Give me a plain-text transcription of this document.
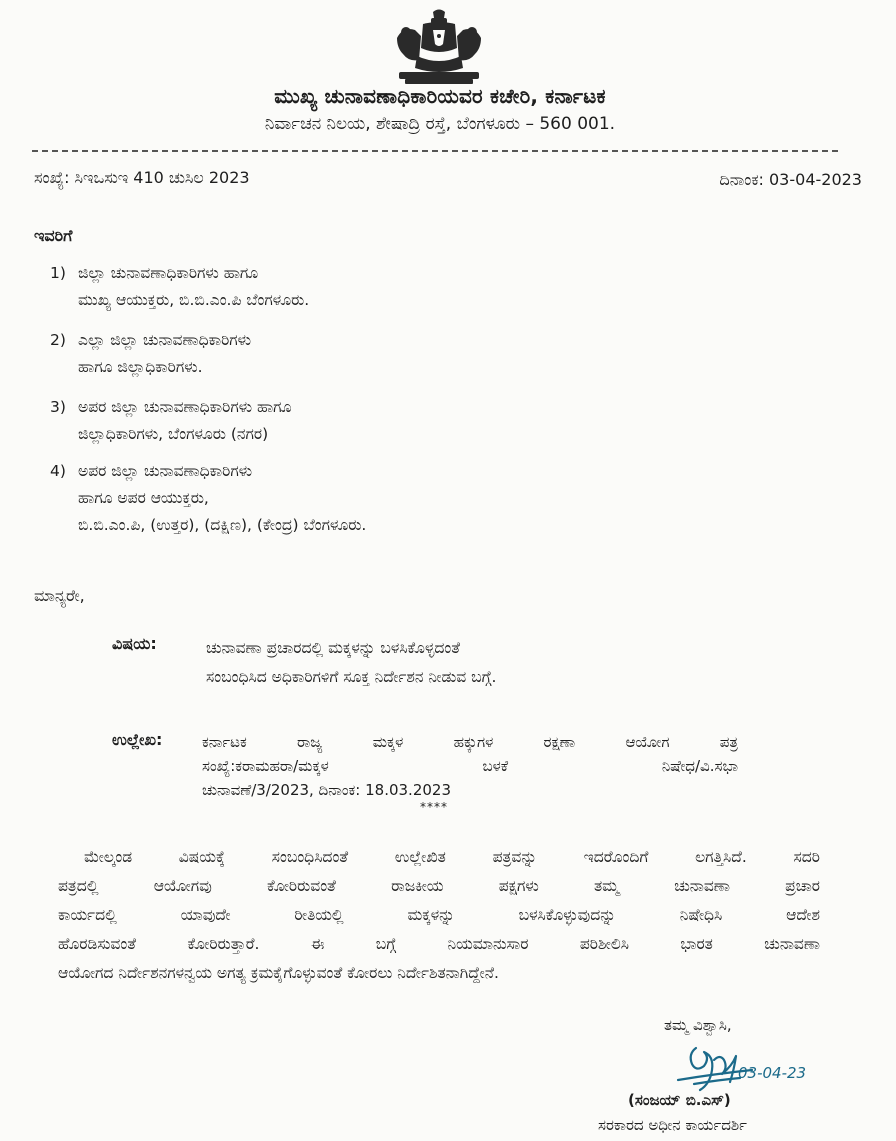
ಮುಖ್ಯ ಚುನಾವಣಾಧಿಕಾರಿಯವರ ಕಚೇರಿ, ಕರ್ನಾಟಕ
ನಿರ್ವಾಚನ ನಿಲಯ, ಶೇಷಾದ್ರಿ ರಸ್ತೆ, ಬೆಂಗಳೂರು – 560 001.
ಸಂಖ್ಯೆ: ಸಿಇಒಸುಇ 410 ಚುಸಿಲ 2023	ದಿನಾಂಕ: 03-04-2023
ಇವರಿಗೆ
1) ಜಿಲ್ಲಾ ಚುನಾವಣಾಧಿಕಾರಿಗಳು ಹಾಗೂ
ಮುಖ್ಯ ಆಯುಕ್ತರು, ಬಿ.ಬಿ.ಎಂ.ಪಿ ಬೆಂಗಳೂರು.
2) ಎಲ್ಲಾ ಜಿಲ್ಲಾ ಚುನಾವಣಾಧಿಕಾರಿಗಳು
ಹಾಗೂ ಜಿಲ್ಲಾಧಿಕಾರಿಗಳು.
3) ಅಪರ ಜಿಲ್ಲಾ ಚುನಾವಣಾಧಿಕಾರಿಗಳು ಹಾಗೂ
ಜಿಲ್ಲಾಧಿಕಾರಿಗಳು, ಬೆಂಗಳೂರು (ನಗರ)
4) ಅಪರ ಜಿಲ್ಲಾ ಚುನಾವಣಾಧಿಕಾರಿಗಳು
ಹಾಗೂ ಅಪರ ಆಯುಕ್ತರು,
ಬಿ.ಬಿ.ಎಂ.ಪಿ, (ಉತ್ತರ), (ದಕ್ಷಿಣ), (ಕೇಂದ್ರ) ಬೆಂಗಳೂರು.
ಮಾನ್ಯರೇ,
ವಿಷಯ:	ಚುನಾವಣಾ ಪ್ರಚಾರದಲ್ಲಿ ಮಕ್ಕಳನ್ನು ಬಳಸಿಕೊಳ್ಳದಂತೆ
ಸಂಬಂಧಿಸಿದ ಅಧಿಕಾರಿಗಳಿಗೆ ಸೂಕ್ತ ನಿರ್ದೇಶನ ನೀಡುವ ಬಗ್ಗೆ.
ಉಲ್ಲೇಖ:	ಕರ್ನಾಟಕ ರಾಜ್ಯ ಮಕ್ಕಳ ಹಕ್ಕುಗಳ ರಕ್ಷಣಾ ಆಯೋಗ ಪತ್ರ
ಸಂಖ್ಯೆ:ಕರಾಮಹರಾ/ಮಕ್ಕಳ ಬಳಕೆ ನಿಷೇಧ/ವಿ.ಸಭಾ
ಚುನಾವಣೆ/3/2023, ದಿನಾಂಕ: 18.03.2023
****
ಮೇಲ್ಕಂಡ ವಿಷಯಕ್ಕೆ ಸಂಬಂಧಿಸಿದಂತೆ ಉಲ್ಲೇಖಿತ ಪತ್ರವನ್ನು ಇದರೊಂದಿಗೆ ಲಗತ್ತಿಸಿದೆ. ಸದರಿ
ಪತ್ರದಲ್ಲಿ ಆಯೋಗವು ಕೋರಿರುವಂತೆ ರಾಜಕೀಯ ಪಕ್ಷಗಳು ತಮ್ಮ ಚುನಾವಣಾ ಪ್ರಚಾರ
ಕಾರ್ಯದಲ್ಲಿ ಯಾವುದೇ ರೀತಿಯಲ್ಲಿ ಮಕ್ಕಳನ್ನು ಬಳಸಿಕೊಳ್ಳುವುದನ್ನು ನಿಷೇಧಿಸಿ ಆದೇಶ
ಹೊರಡಿಸುವಂತೆ ಕೋರಿರುತ್ತಾರೆ. ಈ ಬಗ್ಗೆ ನಿಯಮಾನುಸಾರ ಪರಿಶೀಲಿಸಿ ಭಾರತ ಚುನಾವಣಾ
ಆಯೋಗದ ನಿರ್ದೇಶನಗಳನ್ವಯ ಅಗತ್ಯ ಕ್ರಮಕೈಗೊಳ್ಳುವಂತೆ ಕೋರಲು ನಿರ್ದೇಶಿತನಾಗಿದ್ದೇನೆ.
ತಮ್ಮ ವಿಶ್ವಾಸಿ,
03-04-23
(ಸಂಜಯ್ ಬಿ.ಎಸ್)
ಸರಕಾರದ ಅಧೀನ ಕಾರ್ಯದರ್ಶಿ
